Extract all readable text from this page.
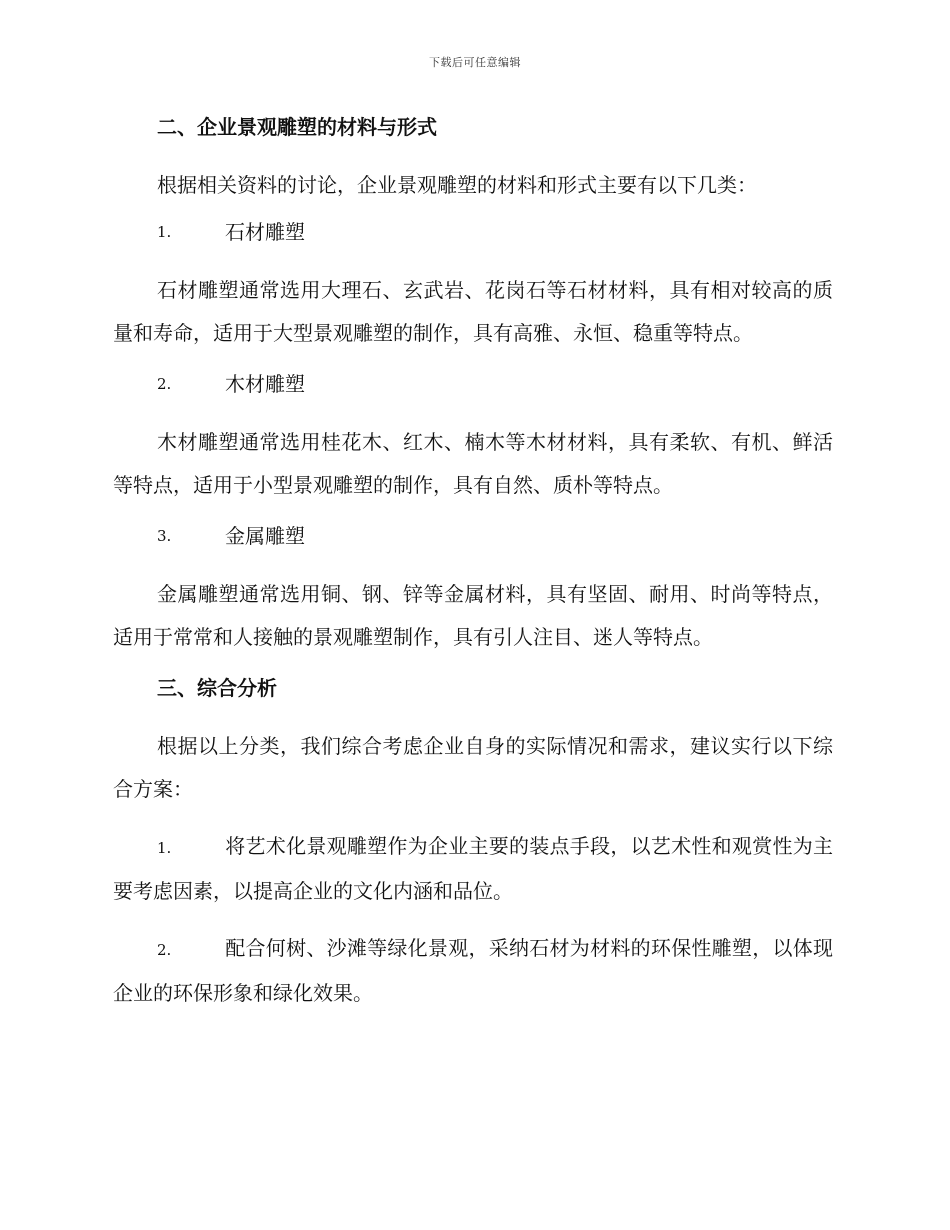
下载后可任意编辑
二、企业景观雕塑的材料与形式

根据相关资料的讨论，企业景观雕塑的材料和形式主要有以下几类：

1.	石材雕塑

石材雕塑通常选用大理石、玄武岩、花岗石等石材材料，具有相对较高的质量和寿命，适用于大型景观雕塑的制作，具有高雅、永恒、稳重等特点。

2.	木材雕塑

木材雕塑通常选用桂花木、红木、楠木等木材材料，具有柔软、有机、鲜活等特点，适用于小型景观雕塑的制作，具有自然、质朴等特点。

3.	金属雕塑

金属雕塑通常选用铜、钢、锌等金属材料，具有坚固、耐用、时尚等特点，适用于常常和人接触的景观雕塑制作，具有引人注目、迷人等特点。

三、综合分析

根据以上分类，我们综合考虑企业自身的实际情况和需求，建议实行以下综合方案：

1.	将艺术化景观雕塑作为企业主要的装点手段，以艺术性和观赏性为主要考虑因素，以提高企业的文化内涵和品位。

2.	配合何树、沙滩等绿化景观，采纳石材为材料的环保性雕塑，以体现企业的环保形象和绿化效果。
